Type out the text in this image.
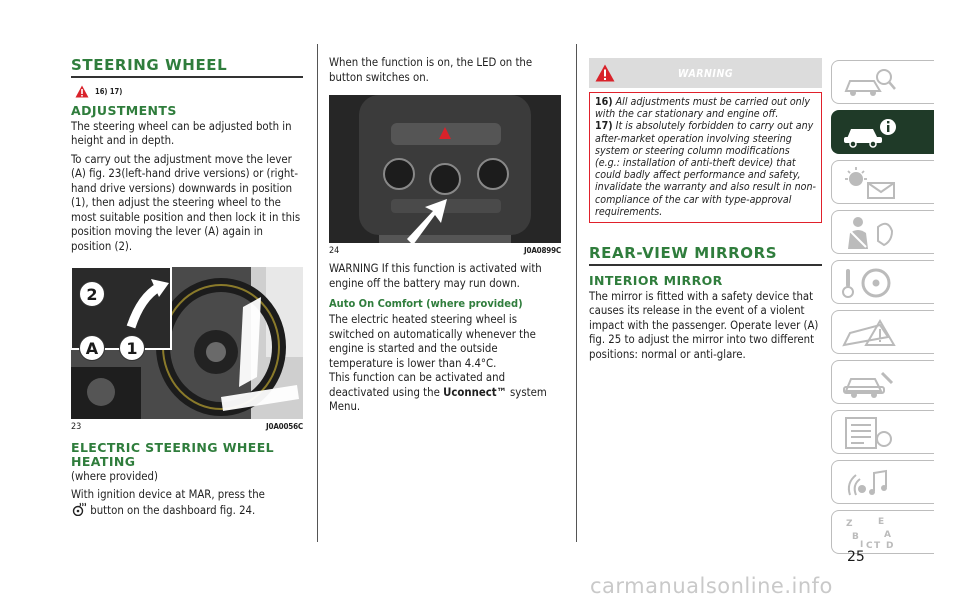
STEERING WHEEL
16) 17)
ADJUSTMENTS

The steering wheel can be adjusted both in height and in depth.

To carry out the adjustment move the lever (A) fig. 23(left-hand drive versions) or (right-hand drive versions) downwards in position (1), then adjust the steering wheel to the most suitable position and then lock it in this position moving the lever (A) again in position (2).

2
A	1
23	J0A0056C
ELECTRIC STEERING WHEEL HEATING

(where provided)

With ignition device at MAR, press the

button on the dashboard fig. 24.

When the function is on, the LED on the button switches on.

24	J0A0899C

WARNING If this function is activated with engine off the battery may run down.

Auto On Comfort (where provided)

The electric heated steering wheel is switched on automatically whenever the engine is started and the outside temperature is lower than 4.4°C.

This function can be activated and deactivated using the Uconnect™ system Menu.

WARNING

16) All adjustments must be carried out only with the car stationary and engine off.

17) It is absolutely forbidden to carry out any after-market operation involving steering system or steering column modifications (e.g.: installation of anti-theft device) that could badly affect performance and safety, invalidate the warranty and also result in non-compliance of the car with type-approval requirements.

REAR-VIEW MIRRORS
INTERIOR MIRROR

The mirror is fitted with a safety device that causes its release in the event of a violent impact with the passenger. Operate lever (A) fig. 25 to adjust the mirror into two different positions: normal or anti-glare.

Z	E
B	A
I C T D
25
carmanualsonline.info
